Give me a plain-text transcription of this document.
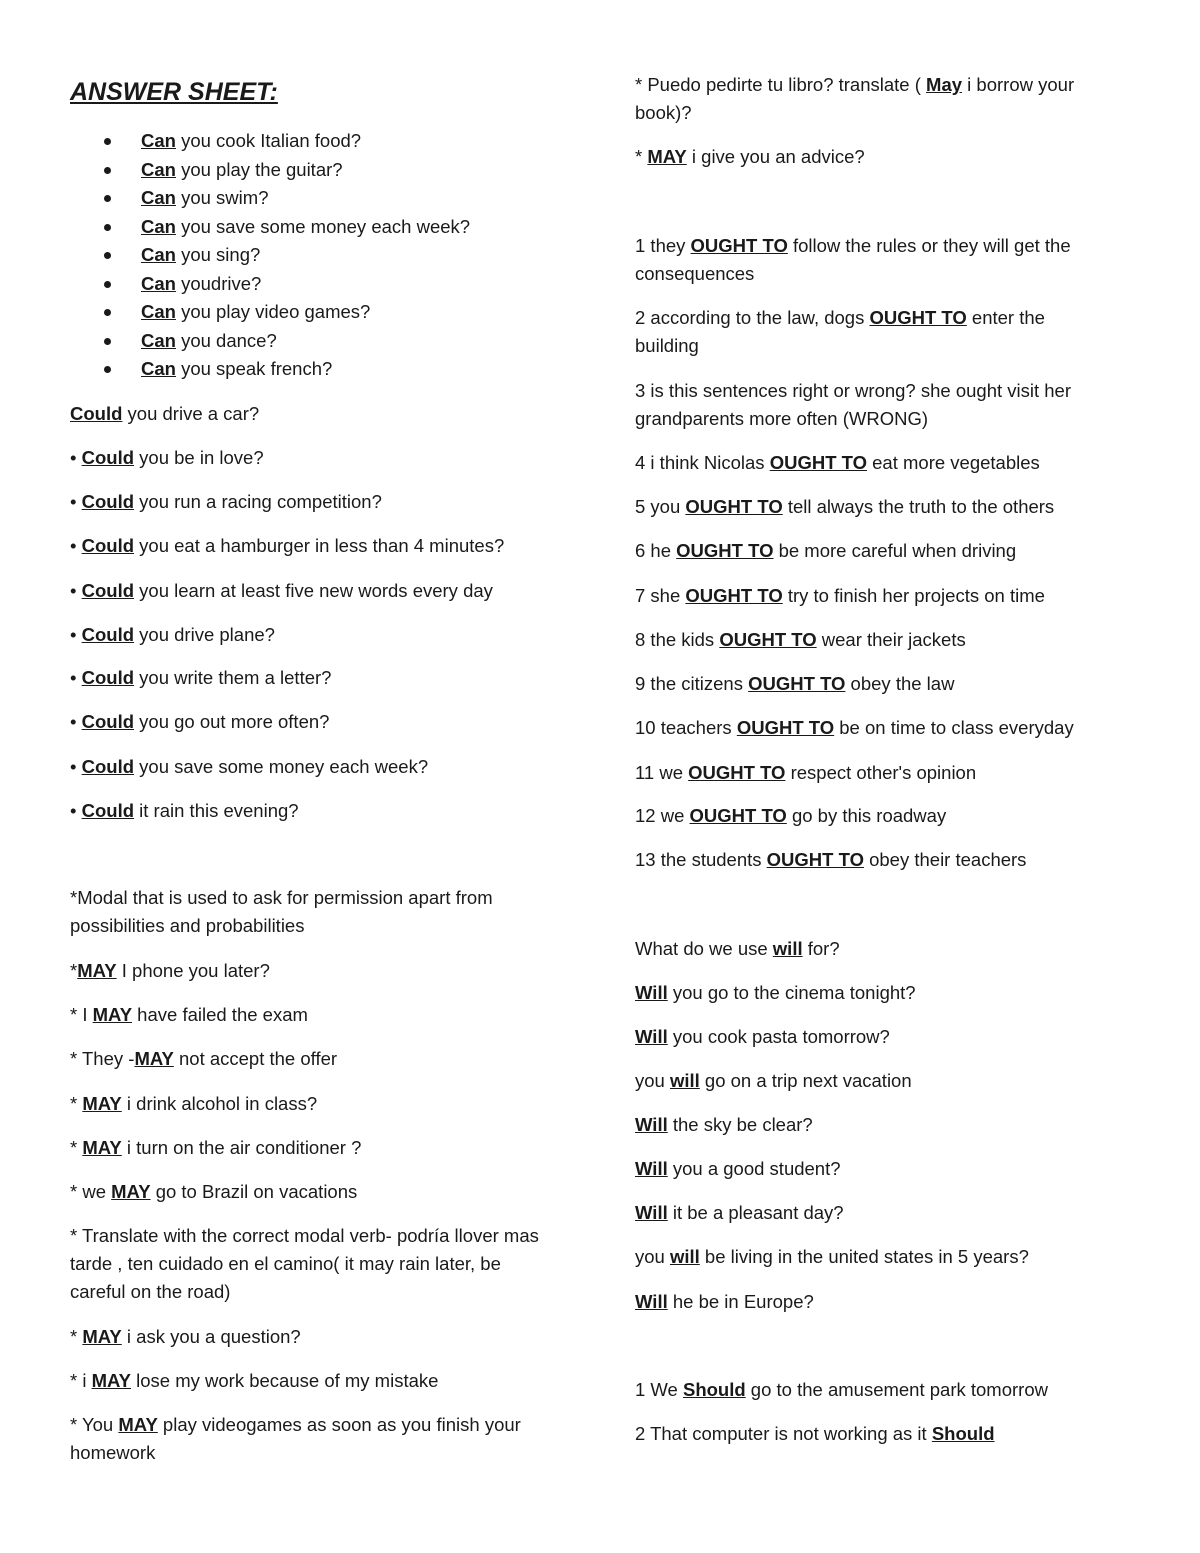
ANSWER SHEET:
Can you cook Italian food?
Can you play the guitar?
Can you swim?
Can you save some money each week?
Can you sing?
Can youdrive?
Can you play video games?
Can you dance?
Can you speak french?
Could you drive a car?
• Could you be in love?
• Could you run a racing competition?
• Could you eat a hamburger in less than 4 minutes?
• Could you learn at least five new words every day
• Could you drive plane?
• Could you write them a letter?
• Could you go out more often?
• Could you save some money each week?
• Could it rain this evening?
*Modal that is used to ask for permission apart from possibilities and probabilities
*MAY I phone you later?
* I MAY have failed the exam
* They -MAY not accept the offer
* MAY i drink alcohol in class?
* MAY i turn on the air conditioner ?
* we MAY go to Brazil on vacations
* Translate with the correct modal verb- podría llover mas tarde , ten cuidado en el camino( it may rain later, be careful on the road)
* MAY i ask you a question?
* i MAY lose my work because of my mistake
* You MAY play videogames as soon as you finish your homework
* Puedo pedirte tu libro? translate ( May i borrow your book)?
* MAY i give you an advice?
1 they OUGHT TO follow the rules or they will get the consequences
2 according to the law, dogs OUGHT TO enter the building
3 is this sentences right or wrong? she ought visit her grandparents more often (WRONG)
4 i think Nicolas OUGHT TO eat more vegetables
5 you OUGHT TO tell always the truth to the others
6 he OUGHT TO be more careful when driving
7 she OUGHT TO try to finish her projects on time
8 the kids OUGHT TO wear their jackets
9 the citizens OUGHT TO obey the law
10 teachers OUGHT TO be on time to class everyday
11 we OUGHT TO respect other's opinion
12 we OUGHT TO go by this roadway
13 the students OUGHT TO obey their teachers
What do we use will for?
Will you go to the cinema tonight?
Will you cook pasta tomorrow?
you will go on a trip next vacation
Will the sky be clear?
Will you a good student?
Will it be a pleasant day?
you will be living in the united states in 5 years?
Will he be in Europe?
1 We Should go to the amusement park tomorrow
2 That computer is not working as it Should
